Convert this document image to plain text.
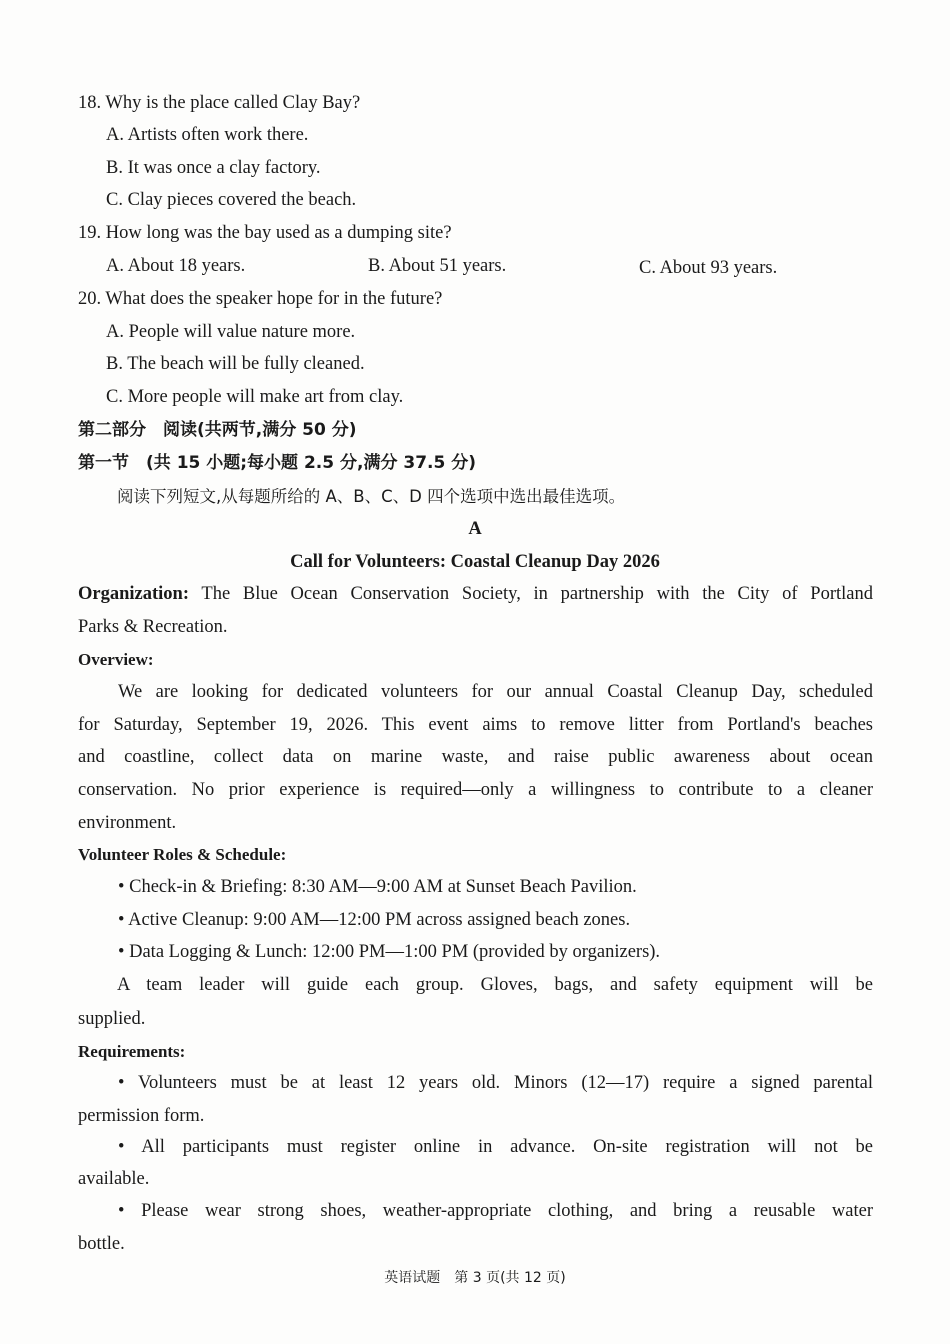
18. Why is the place called Clay Bay?
A. Artists often work there.
B. It was once a clay factory.
C. Clay pieces covered the beach.
19. How long was the bay used as a dumping site?
A. About 18 years.	B. About 51 years.	C. About 93 years.
20. What does the speaker hope for in the future?
A. People will value nature more.
B. The beach will be fully cleaned.
C. More people will make art from clay.
第二部分　阅读(共两节,满分 50 分)
第一节　(共 15 小题;每小题 2.5 分,满分 37.5 分)
阅读下列短文,从每题所给的 A、B、C、D 四个选项中选出最佳选项。
A
Call for Volunteers: Coastal Cleanup Day 2026
Organization: The Blue Ocean Conservation Society, in partnership with the City of Portland
Parks & Recreation.
Overview:
We are looking for dedicated volunteers for our annual Coastal Cleanup Day, scheduled
for Saturday, September 19, 2026. This event aims to remove litter from Portland's beaches
and coastline, collect data on marine waste, and raise public awareness about ocean
conservation. No prior experience is required—only a willingness to contribute to a cleaner
environment.
Volunteer Roles & Schedule:
• Check-in & Briefing: 8:30 AM—9:00 AM at Sunset Beach Pavilion.
• Active Cleanup: 9:00 AM—12:00 PM across assigned beach zones.
• Data Logging & Lunch: 12:00 PM—1:00 PM (provided by organizers).
A team leader will guide each group. Gloves, bags, and safety equipment will be
supplied.
Requirements:
• Volunteers must be at least 12 years old. Minors (12—17) require a signed parental
permission form.
• All participants must register online in advance. On-site registration will not be
available.
• Please wear strong shoes, weather-appropriate clothing, and bring a reusable water
bottle.
英语试题　第 3 页(共 12 页)
